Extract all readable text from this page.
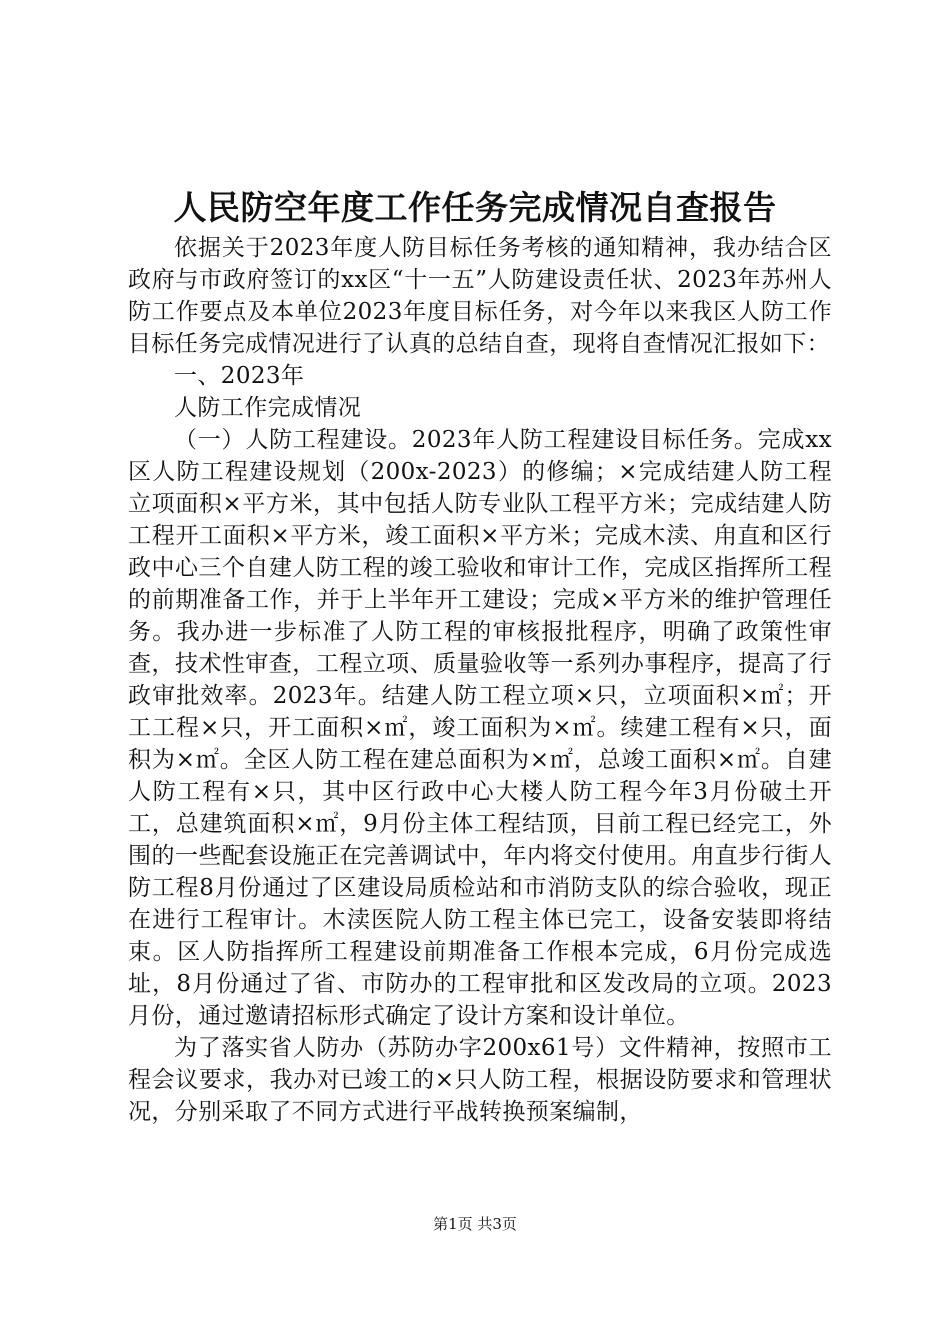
人民防空年度工作任务完成情况自查报告

依据关于2023年度人防目标任务考核的通知精神，我办结合区政府与市政府签订的xx区“十一五”人防建设责任状、2023年苏州人防工作要点及本单位2023年度目标任务，对今年以来我区人防工作目标任务完成情况进行了认真的总结自查，现将自查情况汇报如下：

一、2023年

人防工作完成情况

（一）人防工程建设。2023年人防工程建设目标任务。完成xx区人防工程建设规划（200x-2023）的修编；×完成结建人防工程立项面积×平方米，其中包括人防专业队工程平方米；完成结建人防工程开工面积×平方米，竣工面积×平方米；完成木渎、甪直和区行政中心三个自建人防工程的竣工验收和审计工作，完成区指挥所工程的前期准备工作，并于上半年开工建设；完成×平方米的维护管理任务。我办进一步标准了人防工程的审核报批程序，明确了政策性审查，技术性审查，工程立项、质量验收等一系列办事程序，提高了行政审批效率。2023年。结建人防工程立项×只，立项面积×㎡；开工工程×只，开工面积×㎡，竣工面积为×㎡。续建工程有×只，面积为×㎡。全区人防工程在建总面积为×㎡，总竣工面积×㎡。自建人防工程有×只，其中区行政中心大楼人防工程今年3月份破土开工，总建筑面积×㎡，9月份主体工程结顶，目前工程已经完工，外围的一些配套设施正在完善调试中，年内将交付使用。甪直步行街人防工程8月份通过了区建设局质检站和市消防支队的综合验收，现正在进行工程审计。木渎医院人防工程主体已完工，设备安装即将结束。区人防指挥所工程建设前期准备工作根本完成，6月份完成选址，8月份通过了省、市防办的工程审批和区发改局的立项。2023月份，通过邀请招标形式确定了设计方案和设计单位。

为了落实省人防办（苏防办字200x61号）文件精神，按照市工程会议要求，我办对已竣工的×只人防工程，根据设防要求和管理状况，分别采取了不同方式进行平战转换预案编制，

第1页 共3页
